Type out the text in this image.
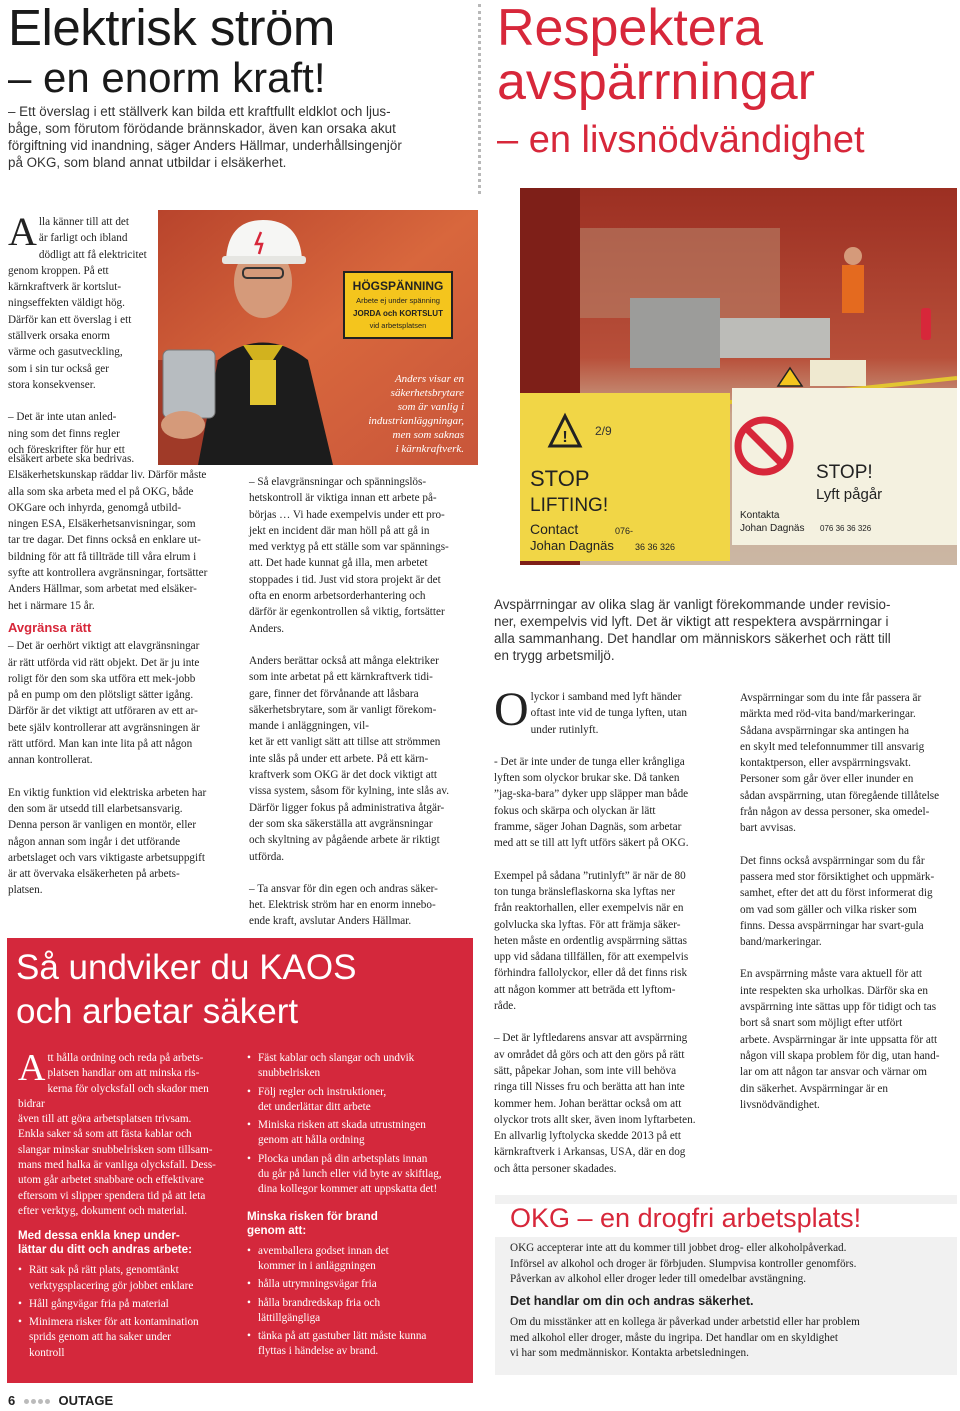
Elektrisk ström
– en enorm kraft!
– Ett överslag i ett ställverk kan bilda ett kraftfullt eldklot och ljus-
båge, som förutom förödande brännskador, även kan orsaka akut
förgiftning vid inandning, säger Anders Hällmar, underhållsingenjör
på OKG, som bland annat utbildar i elsäkerhet.
Respektera
avspärrningar
– en livsnödvändighet
HÖGSPÄNNING
Arbete ej under spänning
JORDA och KORTSLUT
vid arbetsplatsen
Anders visar en
säkerhetsbrytare
som är vanlig i
industrianläggningar,
men som saknas
i kärnkraftverk.
! 2/9
STOP
LIFTING!
Contact	076-
Johan Dagnäs 36 36 326
STOP!
Lyft pågår
Kontakta
Johan Dagnäs 076 36 36 326
Avspärrningar av olika slag är vanligt förekommande under revisio-
ner, exempelvis vid lyft. Det är viktigt att respektera avspärrningar i
alla sammanhang. Det handlar om människors säkerhet och rätt till
en trygg arbetsmiljö.
A lla känner till att det
är farligt och ibland
dödligt att få elektricitet
genom kroppen. På ett
kärnkraftverk är kortslut-
ningseffekten väldigt hög.
Därför kan ett överslag i ett
ställverk orsaka enorm
värme och gasutveckling,
som i sin tur också ger
stora konsekvenser.
– Det är inte utan anled-
ning som det finns regler
och föreskrifter för hur ett
elsäkert arbete ska bedrivas.
Elsäkerhetskunskap räddar liv. Därför måste
alla som ska arbeta med el på OKG, både
OKGare och inhyrda, genomgå utbild-
ningen ESA, Elsäkerhetsanvisningar, som
tar tre dagar. Det finns också en enklare ut-
bildning för att få tillträde till våra elrum i
syfte att kontrollera avgränsningar, fortsätter
Anders Hällmar, som arbetat med elsäker-
het i närmare 15 år.
Avgränsa rätt
– Det är oerhört viktigt att elavgränsningar
är rätt utförda vid rätt objekt. Det är ju inte
roligt för den som ska utföra ett mek-jobb
på en pump om den plötsligt sätter igång.
Därför är det viktigt att utföraren av ett ar-
bete själv kontrollerar att avgränsningen är
rätt utförd. Man kan inte lita på att någon
annan kontrollerat.
En viktig funktion vid elektriska arbeten har
den som är utsedd till elarbetsansvarig.
Denna person är vanligen en montör, eller
någon annan som ingår i det utförande
arbetslaget och vars viktigaste arbetsuppgift
är att övervaka elsäkerheten på arbets-
platsen.
– Så elavgränsningar och spänningslös-
hetskontroll är viktiga innan ett arbete på-
börjas … Vi hade exempelvis under ett pro-
jekt en incident där man höll på att gå in
med verktyg på ett ställe som var spännings-
att. Det hade kunnat gå illa, men arbetet
stoppades i tid. Just vid stora projekt är det
ofta en enorm arbetsorderhantering och
därför är egenkontrollen så viktig, fortsätter
Anders.
Anders berättar också att många elektriker
som inte arbetat på ett kärnkraftverk tidi-
gare, finner det förvånande att låsbara
säkerhetsbrytare, som är vanligt förekom-
mande i anläggningen, vil-
ket är ett vanligt sätt att tillse att strömmen
inte slås på under ett arbete. På ett kärn-
kraftverk som OKG är det dock viktigt att
vissa system, såsom för kylning, inte slås av.
Därför ligger fokus på administrativa åtgär-
der som ska säkerställa att avgränsningar
och skyltning av pågående arbete är riktigt
utförda.
– Ta ansvar för din egen och andras säker-
het. Elektrisk ström har en enorm innebo-
ende kraft, avslutar Anders Hällmar.
O lyckor i samband med lyft händer
oftast inte vid de tunga lyften, utan
under rutinlyft.
- Det är inte under de tunga eller krångliga
lyften som olyckor brukar ske. Då tanken
”jag-ska-bara” dyker upp släpper man både
fokus och skärpa och olyckan är lätt
framme, säger Johan Dagnäs, som arbetar
med att se till att lyft utförs säkert på OKG.
Exempel på sådana ”rutinlyft” är när de 80
ton tunga bränsleflaskorna ska lyftas ner
från reaktorhallen, eller exempelvis när en
golvlucka ska lyftas. För att främja säker-
heten måste en ordentlig avspärrning sättas
upp vid sådana tillfällen, för att exempelvis
förhindra fallolyckor, eller då det finns risk
att någon kommer att beträda ett lyftom-
råde.
– Det är lyftledarens ansvar att avspärrning
av området då görs och att den görs på rätt
sätt, påpekar Johan, som inte vill behöva
ringa till Nisses fru och berätta att han inte
kommer hem. Johan berättar också om att
olyckor trots allt sker, även inom lyftarbeten.
En allvarlig lyftolycka skedde 2013 på ett
kärnkraftverk i Arkansas, USA, där en dog
och åtta personer skadades.
Avspärrningar som du inte får passera är
märkta med röd-vita band/markeringar.
Sådana avspärrningar ska antingen ha
en skylt med telefonnummer till ansvarig
kontaktperson, eller avspärrningsvakt.
Personer som går över eller inunder en
sådan avspärrning, utan föregående tillåtelse
från någon av dessa personer, ska omedel-
bart avvisas.
Det finns också avspärrningar som du får
passera med stor försiktighet och uppmärk-
samhet, efter det att du först informerat dig
om vad som gäller och vilka risker som
finns. Dessa avspärrningar har svart-gula
band/markeringar.
En avspärrning måste vara aktuell för att
inte respekten ska urholkas. Därför ska en
avspärrning inte sättas upp för tidigt och tas
bort så snart som möjligt efter utfört
arbete. Avspärrningar är inte uppsatta för att
någon vill skapa problem för dig, utan hand-
lar om att någon tar ansvar och värnar om
din säkerhet. Avspärrningar är en
livsnödvändighet.
Så undviker du KAOS
och arbetar säkert
A tt hålla ordning och reda på arbets-
platsen handlar om att minska ris-
kerna för olycksfall och skador men bidrar
även till att göra arbetsplatsen trivsam.
Enkla saker så som att fästa kablar och
slangar minskar snubbelrisken som tillsam-
mans med halka är vanliga olycksfall. Dess-
utom går arbetet snabbare och effektivare
eftersom vi slipper spendera tid på att leta
efter verktyg, dokument och material.
Med dessa enkla knep under-
lättar du ditt och andras arbete:
• Rätt sak på rätt plats, genomtänkt
verktygsplacering gör jobbet enklare
• Håll gångvägar fria på material
• Minimera risker för att kontamination
sprids genom att ha saker under
kontroll
• Fäst kablar och slangar och undvik
snubbelrisken
• Följ regler och instruktioner,
det underlättar ditt arbete
• Miniska risken att skada utrustningen
genom att hålla ordning
• Plocka undan på din arbetsplats innan
du går på lunch eller vid byte av skiftlag,
dina kollegor kommer att uppskatta det!
Minska risken för brand
genom att:
• avemballera godset innan det
kommer in i anläggningen
• hålla utrymningsvägar fria
• hålla brandredskap fria och
lättillgängliga
• tänka på att gastuber lätt måste kunna
flyttas i händelse av brand.
OKG – en drogfri arbetsplats!
OKG accepterar inte att du kommer till jobbet drog- eller alkoholpåverkad.
Införsel av alkohol och droger är förbjuden. Slumpvisa kontroller genomförs.
Påverkan av alkohol eller droger leder till omedelbar avstängning.
Det handlar om din och andras säkerhet.
Om du misstänker att en kollega är påverkad under arbetstid eller har problem
med alkohol eller droger, måste du ingripa. Det handlar om en skyldighet
vi har som medmänniskor. Kontakta arbetsledningen.
6	OUTAGE
